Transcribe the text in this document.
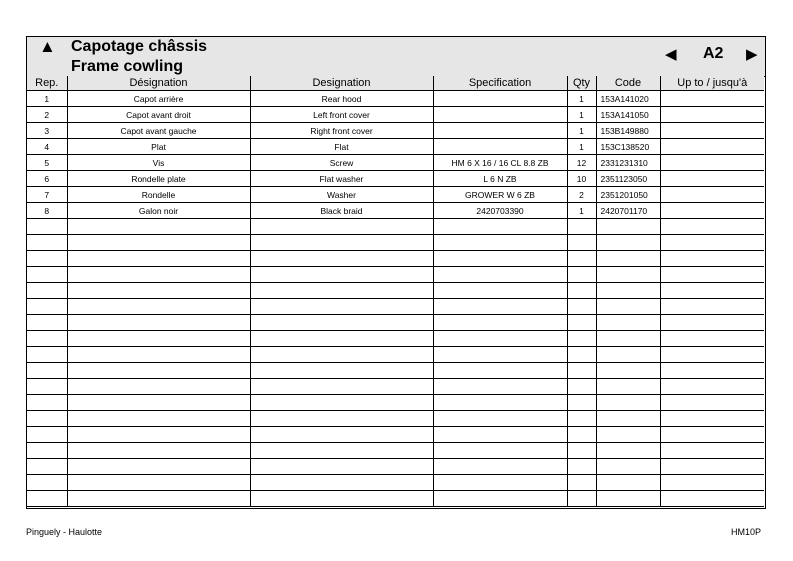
▲ Capotage châssis
Frame cowling
◀ A2 ▶
Rep.	Désignation	Designation	Specification	Qty	Code	Up to / jusqu'à
1	Capot arrière	Rear hood		1	153A141020	
2	Capot avant droit	Left front cover		1	153A141050	
3	Capot avant gauche	Right front cover		1	153B149880	
4	Plat	Flat		1	153C138520	
5	Vis	Screw	HM 6 X 16 / 16 CL 8.8 ZB	12	2331231310	
6	Rondelle plate	Flat washer	L 6 N ZB	10	2351123050	
7	Rondelle	Washer	GROWER W 6 ZB	2	2351201050	
8	Galon noir	Black braid	2420703390	1	2420701170	

Pinguely - Haulotte	HM10P
